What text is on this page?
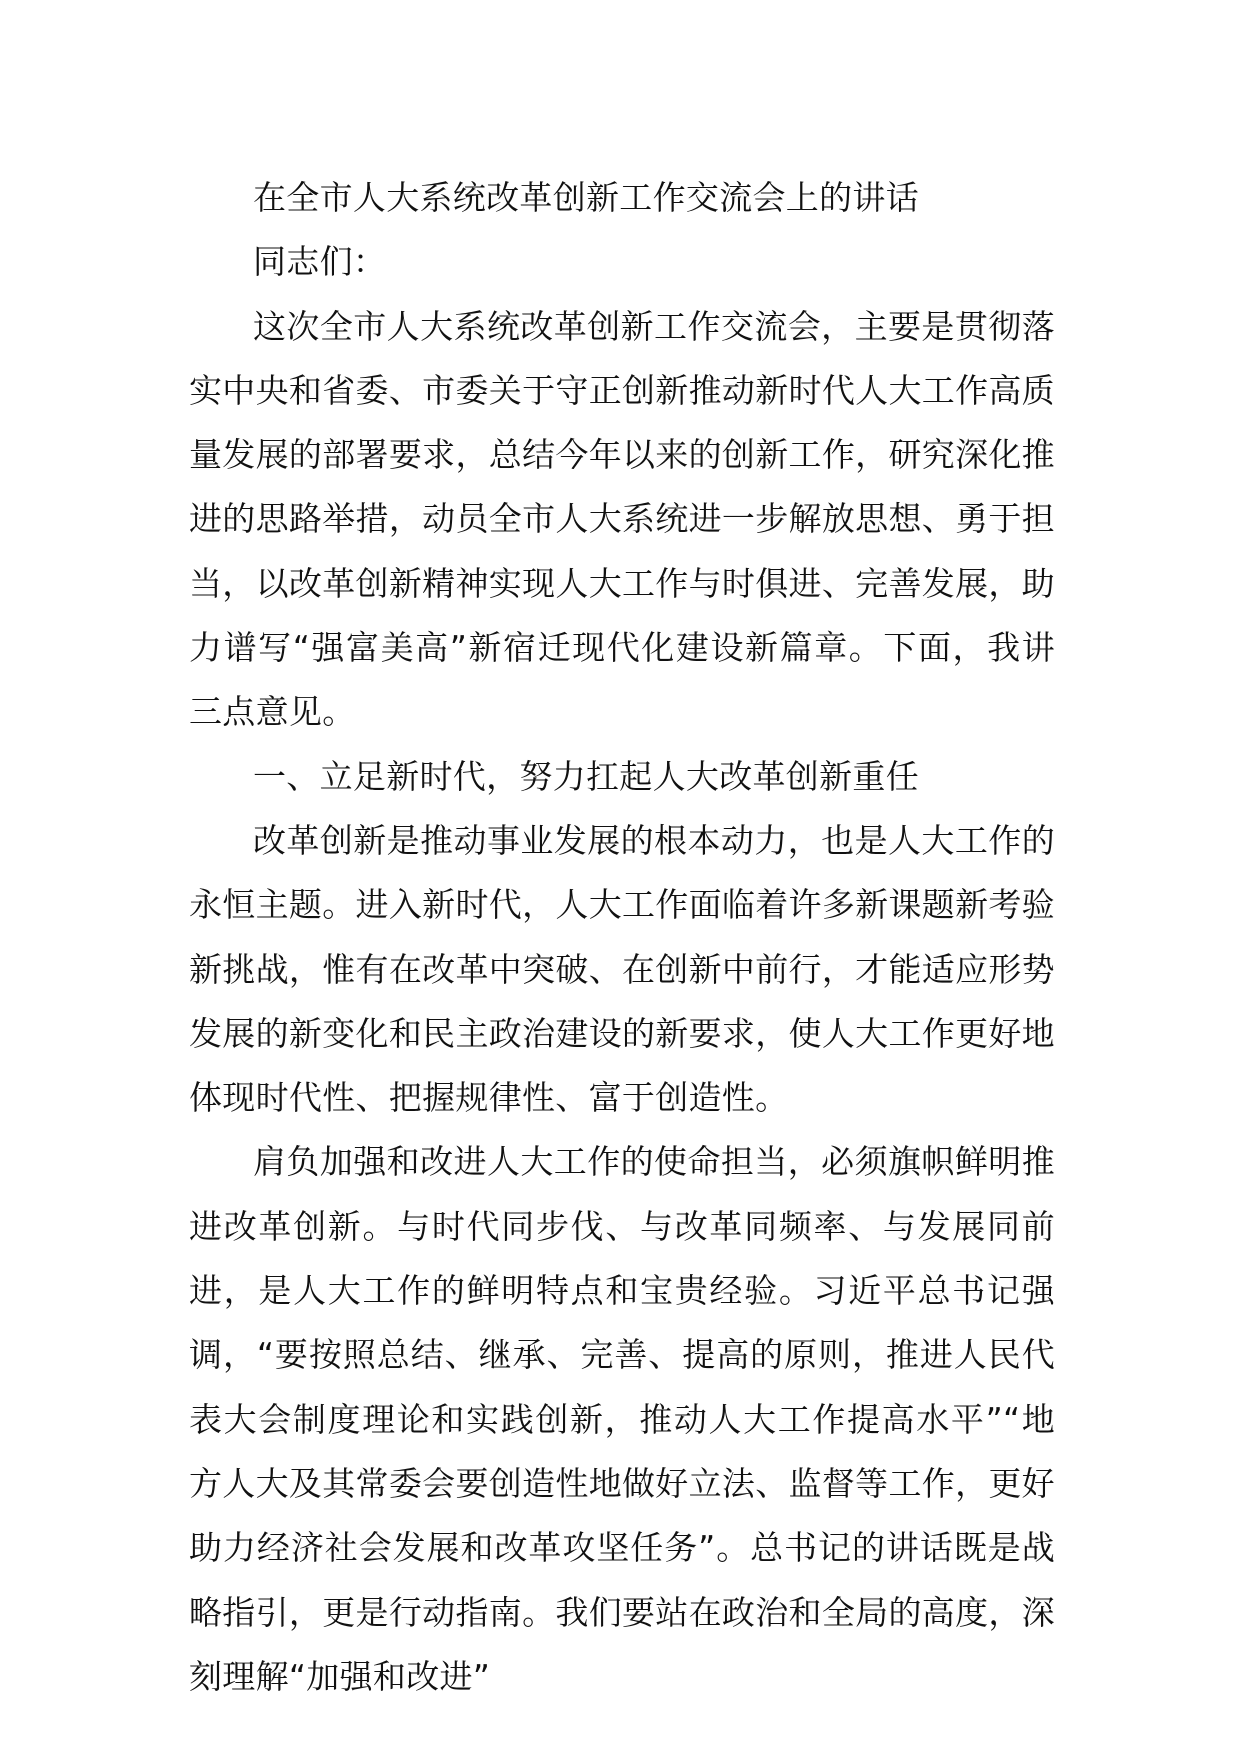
在全市人大系统改革创新工作交流会上的讲话

同志们：

这次全市人大系统改革创新工作交流会，主要是贯彻落实中央和省委、市委关于守正创新推动新时代人大工作高质量发展的部署要求，总结今年以来的创新工作，研究深化推进的思路举措，动员全市人大系统进一步解放思想、勇于担当，以改革创新精神实现人大工作与时俱进、完善发展，助力谱写“强富美高”新宿迁现代化建设新篇章。下面，我讲三点意见。

一、立足新时代，努力扛起人大改革创新重任

改革创新是推动事业发展的根本动力，也是人大工作的永恒主题。进入新时代，人大工作面临着许多新课题新考验新挑战，惟有在改革中突破、在创新中前行，才能适应形势发展的新变化和民主政治建设的新要求，使人大工作更好地体现时代性、把握规律性、富于创造性。

肩负加强和改进人大工作的使命担当，必须旗帜鲜明推进改革创新。与时代同步伐、与改革同频率、与发展同前进，是人大工作的鲜明特点和宝贵经验。习近平总书记强调，“要按照总结、继承、完善、提高的原则，推进人民代表大会制度理论和实践创新，推动人大工作提高水平”“地方人大及其常委会要创造性地做好立法、监督等工作，更好助力经济社会发展和改革攻坚任务”。总书记的讲话既是战略指引，更是行动指南。我们要站在政治和全局的高度，深刻理解“加强和改进”
